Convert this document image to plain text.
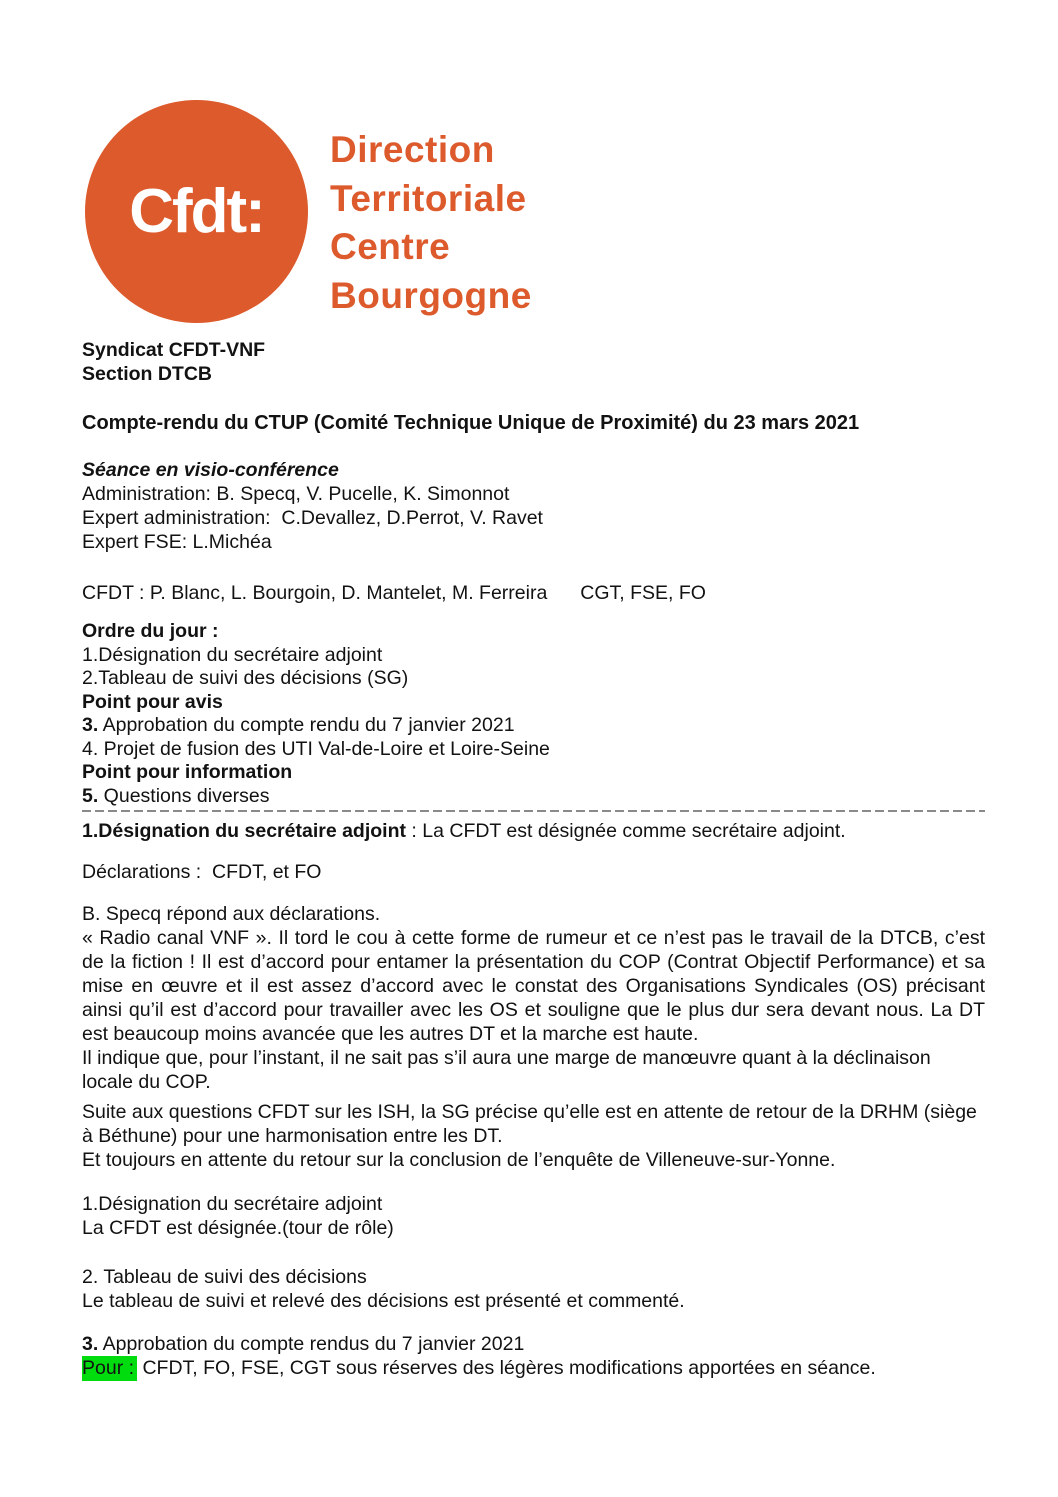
Cfdt:
Direction
Territoriale
Centre
Bourgogne

Syndicat CFDT-VNF

Section DTCB

Compte-rendu du CTUP (Comité Technique Unique de Proximité) du 23 mars 2021

Séance en visio-conférence

Administration: B. Specq, V. Pucelle, K. Simonnot

Expert administration:  C.Devallez, D.Perrot, V. Ravet

Expert FSE: L.Michéa

CFDT : P. Blanc, L. Bourgoin, D. Mantelet, M. Ferreira CGT, FSE, FO

Ordre du jour :

1.Désignation du secrétaire adjoint

2.Tableau de suivi des décisions (SG)

Point pour avis

3. Approbation du compte rendu du 7 janvier 2021

4. Projet de fusion des UTI Val-de-Loire et Loire-Seine

Point pour information

5. Questions diverses

1.Désignation du secrétaire adjoint : La CFDT est désignée comme secrétaire adjoint.

Déclarations :  CFDT, et FO

B. Specq répond aux déclarations.

« Radio canal VNF ». Il tord le cou à cette forme de rumeur et ce n’est pas le travail de la DTCB, c’est de la fiction ! Il est d’accord pour entamer la présentation du COP (Contrat Objectif Performance) et sa mise en œuvre et il est assez d’accord avec le constat des Organisations Syndicales (OS) précisant ainsi qu’il est d’accord pour travailler avec les OS et souligne que le plus dur sera devant nous. La DT est beaucoup moins avancée que les autres DT et la marche est haute.

Il indique que, pour l’instant, il ne sait pas s’il aura une marge de manœuvre quant à la déclinaison locale du COP.

Suite aux questions CFDT sur les ISH, la SG précise qu’elle est en attente de retour de la DRHM (siège à Béthune) pour une harmonisation entre les DT.

Et toujours en attente du retour sur la conclusion de l’enquête de Villeneuve-sur-Yonne.

1.Désignation du secrétaire adjoint

La CFDT est désignée.(tour de rôle)

2. Tableau de suivi des décisions

Le tableau de suivi et relevé des décisions est présenté et commenté.

3. Approbation du compte rendus du 7 janvier 2021

Pour : CFDT, FO, FSE, CGT sous réserves des légères modifications apportées en séance.
